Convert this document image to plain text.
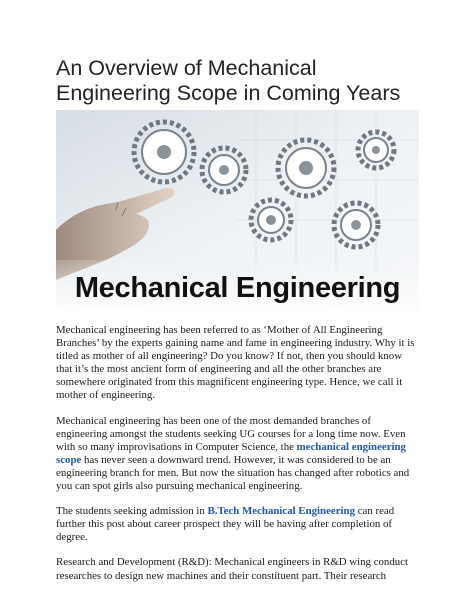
An Overview of Mechanical Engineering Scope in Coming Years
Mechanical Engineering

Mechanical engineering has been referred to as ‘Mother of All Engineering Branches’ by the experts gaining name and fame in engineering industry. Why it is titled as mother of all engineering? Do you know? If not, then you should know that it’s the most ancient form of engineering and all the other branches are somewhere originated from this magnificent engineering type. Hence, we call it mother of engineering.

Mechanical engineering has been one of the most demanded branches of engineering amongst the students seeking UG courses for a long time now. Even with so many improvisations in Computer Science, the mechanical engineering scope has never seen a downward trend. However, it was considered to be an engineering branch for men. But now the situation has changed after robotics and you can spot girls also pursuing mechanical engineering.

The students seeking admission in B.Tech Mechanical Engineering can read further this post about career prospect they will be having after completion of degree.

Research and Development (R&D): Mechanical engineers in R&D wing conduct researches to design new machines and their constituent part. Their research
